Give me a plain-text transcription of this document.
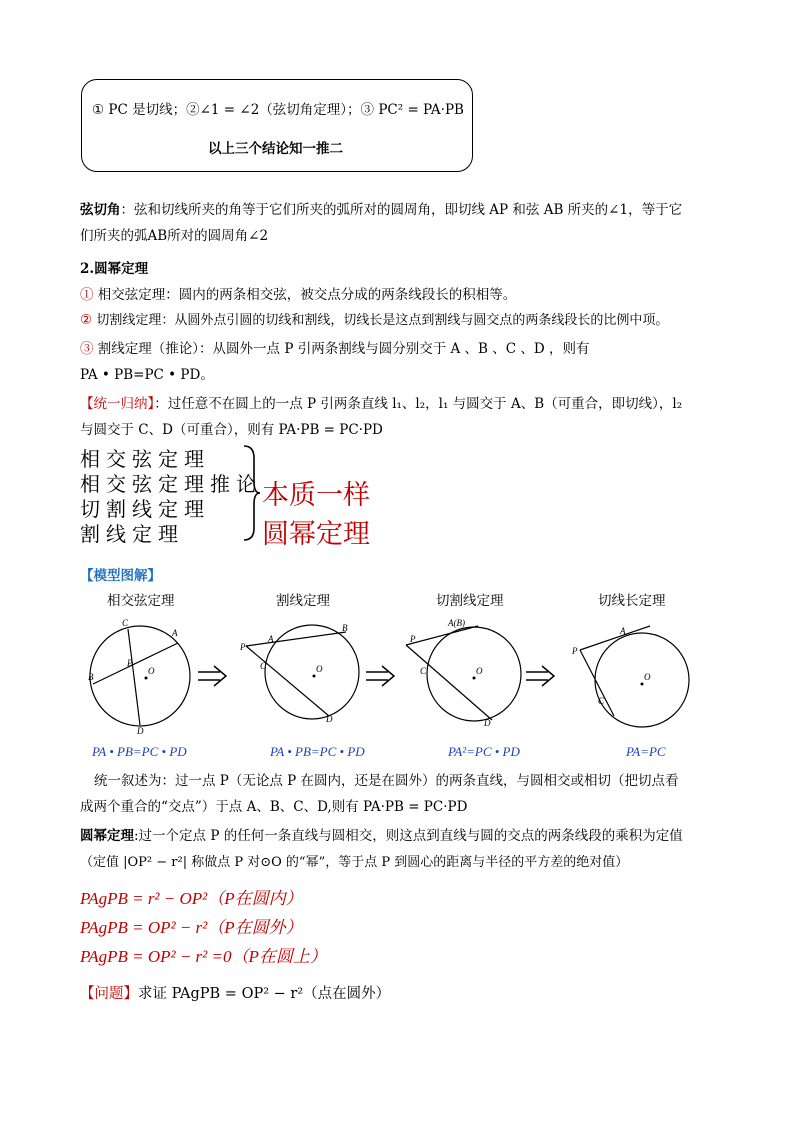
① PC 是切线；②∠1 = ∠2（弦切角定理）；③ PC² = PA·PB
以上三个结论知一推二
弦切角：弦和切线所夹的角等于它们所夹的弧所对的圆周角，即切线 AP 和弦 AB 所夹的∠1，等于它
们所夹的弧AB所对的圆周角∠2
2.圆幂定理
① 相交弦定理：圆内的两条相交弦，被交点分成的两条线段长的积相等。
② 切割线定理：从圆外点引圆的切线和割线，切线长是这点到割线与圆交点的两条线段长的比例中项。
③ 割线定理（推论）：从圆外一点 P 引两条割线与圆分别交于 A 、B 、C 、D ，则有
PA • PB=PC • PD。
【统一归纳】：过任意不在圆上的一点 P 引两条直线 l₁、l₂，l₁ 与圆交于 A、B（可重合，即切线），l₂
与圆交于 C、D（可重合），则有 PA·PB = PC·PD
相交弦定理
相交弦定理推论
切割线定理
割线定理
本质一样
圆幂定理
【模型图解】
相交弦定理	割线定理	切割线定理	切线长定理
O
A
B
C
D
P
O
P
A
B
C
D
O
P
A(B)
C
D
O
P
A
C
PA • PB=PC • PD	PA • PB=PC • PD	PA²=PC • PD	PA=PC
统一叙述为：过一点 P（无论点 P 在圆内，还是在圆外）的两条直线，与圆相交或相切（把切点看
成两个重合的“交点”）于点 A、B、C、D,则有 PA·PB = PC·PD
圆幂定理:过一个定点 P 的任何一条直线与圆相交，则这点到直线与圆的交点的两条线段的乘积为定值
（定值 |OP² − r²| 称做点 P 对⊙O 的“幂”，等于点 P 到圆心的距离与半径的平方差的绝对值）
PAgPB = r² − OP²（P在圆内）
PAgPB = OP² − r²（P在圆外）
PAgPB = OP² − r² =0（P在圆上）
【问题】求证 PAgPB = OP² − r²（点在圆外）
